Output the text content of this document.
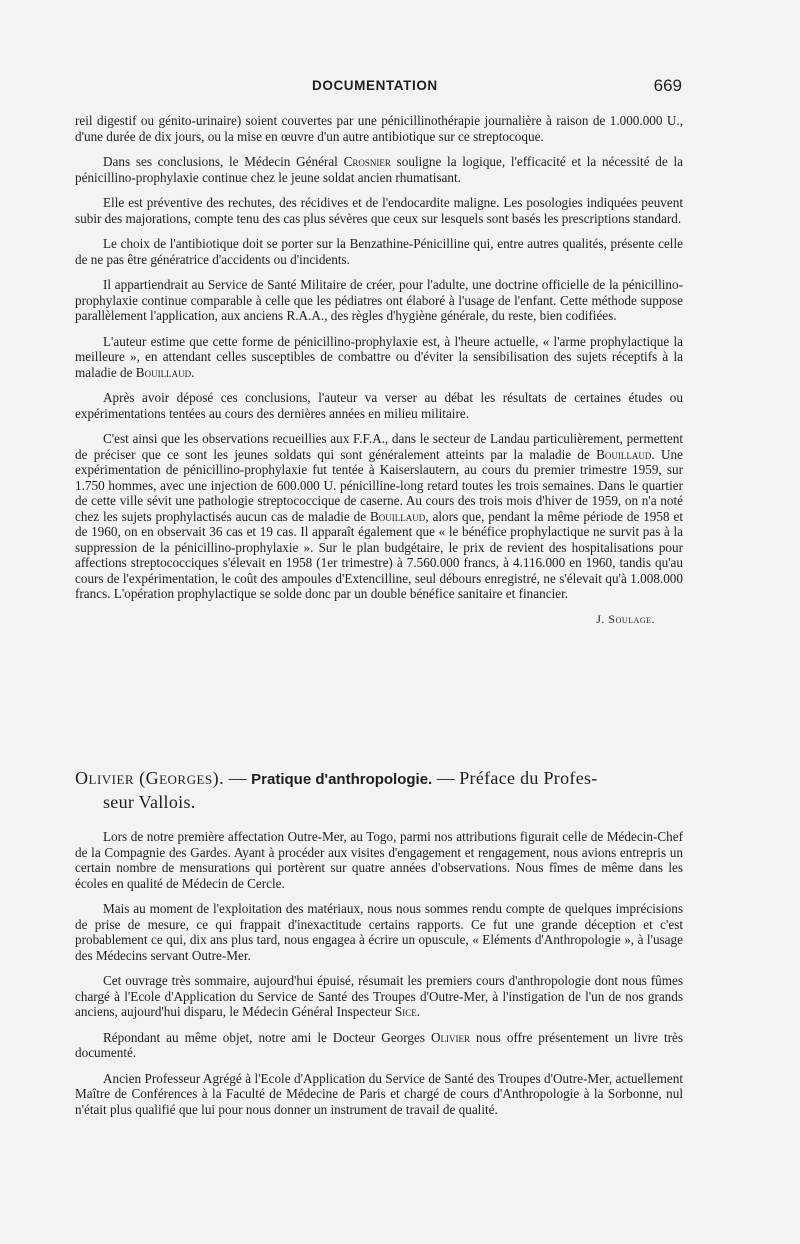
DOCUMENTATION	669

reil digestif ou génito-urinaire) soient couvertes par une pénicillinothérapie journalière à raison de 1.000.000 U., d'une durée de dix jours, ou la mise en œuvre d'un autre antibiotique sur ce streptocoque.

Dans ses conclusions, le Médecin Général Crosnier souligne la logique, l'efficacité et la nécessité de la pénicillino-prophylaxie continue chez le jeune soldat ancien rhumatisant.

Elle est préventive des rechutes, des récidives et de l'endocardite maligne. Les posologies indiquées peuvent subir des majorations, compte tenu des cas plus sévères que ceux sur lesquels sont basés les prescriptions standard.

Le choix de l'antibiotique doit se porter sur la Benzathine-Pénicilline qui, entre autres qualités, présente celle de ne pas être génératrice d'accidents ou d'incidents.

Il appartiendrait au Service de Santé Militaire de créer, pour l'adulte, une doctrine officielle de la pénicillino-prophylaxie continue comparable à celle que les pédiatres ont élaboré à l'usage de l'enfant. Cette méthode suppose parallèlement l'application, aux anciens R.A.A., des règles d'hygiène générale, du reste, bien codifiées.

L'auteur estime que cette forme de pénicillino-prophylaxie est, à l'heure actuelle, « l'arme prophylactique la meilleure », en attendant celles susceptibles de combattre ou d'éviter la sensibilisation des sujets réceptifs à la maladie de Bouillaud.

Après avoir déposé ces conclusions, l'auteur va verser au débat les résultats de certaines études ou expérimentations tentées au cours des dernières années en milieu militaire.

C'est ainsi que les observations recueillies aux F.F.A., dans le secteur de Landau particulièrement, permettent de préciser que ce sont les jeunes soldats qui sont généralement atteints par la maladie de Bouillaud. Une expérimentation de pénicillino-prophylaxie fut tentée à Kaiserslautern, au cours du premier trimestre 1959, sur 1.750 hommes, avec une injection de 600.000 U. pénicilline-long retard toutes les trois semaines. Dans le quartier de cette ville sévit une pathologie streptococcique de caserne. Au cours des trois mois d'hiver de 1959, on n'a noté chez les sujets prophylactisés aucun cas de maladie de Bouillaud, alors que, pendant la même période de 1958 et de 1960, on en observait 36 cas et 19 cas. Il apparaît également que « le bénéfice prophylactique ne survit pas à la suppression de la pénicillino-prophylaxie ». Sur le plan budgétaire, le prix de revient des hospitalisations pour affections streptococciques s'élevait en 1958 (1er trimestre) à 7.560.000 francs, à 4.116.000 en 1960, tandis qu'au cours de l'expérimentation, le coût des ampoules d'Extencilline, seul débours enregistré, ne s'élevait qu'à 1.008.000 francs. L'opération prophylactique se solde donc par un double bénéfice sanitaire et financier.

J. Soulage.

Olivier (Georges). — Pratique d'anthropologie. — Préface du Profes-
seur Vallois.

Lors de notre première affectation Outre-Mer, au Togo, parmi nos attributions figurait celle de Médecin-Chef de la Compagnie des Gardes. Ayant à procéder aux visites d'engagement et rengagement, nous avions entrepris un certain nombre de mensurations qui portèrent sur quatre années d'observations. Nous fîmes de même dans les écoles en qualité de Médecin de Cercle.

Mais au moment de l'exploitation des matériaux, nous nous sommes rendu compte de quelques imprécisions de prise de mesure, ce qui frappait d'inexactitude certains rapports. Ce fut une grande déception et c'est probablement ce qui, dix ans plus tard, nous engagea à écrire un opuscule, « Eléments d'Anthropologie », à l'usage des Médecins servant Outre-Mer.

Cet ouvrage très sommaire, aujourd'hui épuisé, résumait les premiers cours d'anthropologie dont nous fûmes chargé à l'Ecole d'Application du Service de Santé des Troupes d'Outre-Mer, à l'instigation de l'un de nos grands anciens, aujourd'hui disparu, le Médecin Général Inspecteur Sice.

Répondant au même objet, notre ami le Docteur Georges Olivier nous offre présentement un livre très documenté.

Ancien Professeur Agrégé à l'Ecole d'Application du Service de Santé des Troupes d'Outre-Mer, actuellement Maître de Conférences à la Faculté de Médecine de Paris et chargé de cours d'Anthropologie à la Sorbonne, nul n'était plus qualifié que lui pour nous donner un instrument de travail de qualité.
